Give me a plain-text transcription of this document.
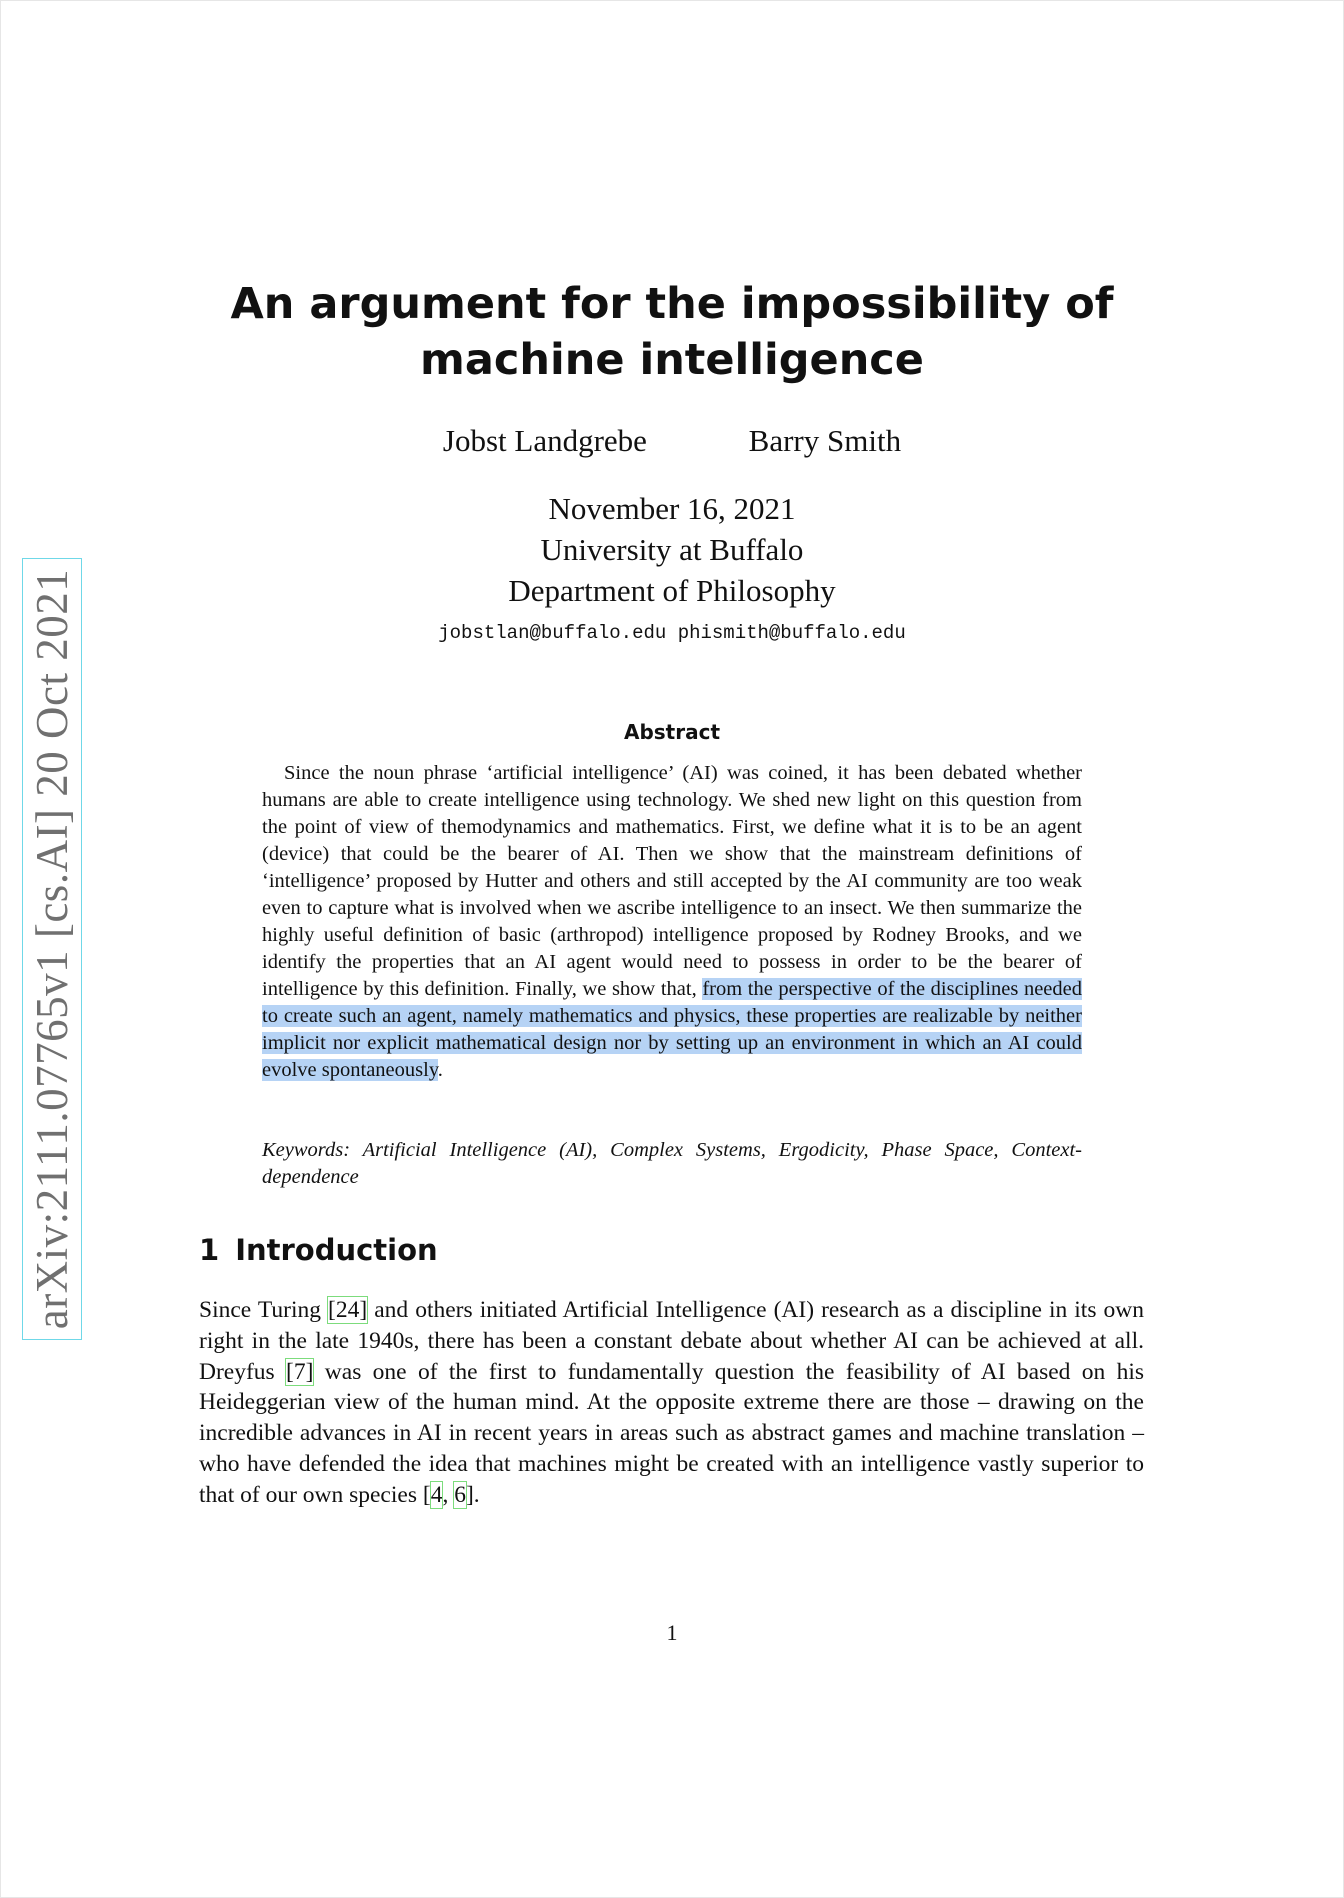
arXiv:2111.07765v1 [cs.AI] 20 Oct 2021
An argument for the impossibility of
machine intelligence
Jobst Landgrebe	Barry Smith
November 16, 2021
University at Buffalo
Department of Philosophy
jobstlan@buffalo.edu phismith@buffalo.edu
Abstract
Since the noun phrase ‘artificial intelligence’ (AI) was coined, it has been debated whether humans are able to create intelligence using technology. We shed new light on this question from the point of view of themodynamics and mathematics. First, we define what it is to be an agent (device) that could be the bearer of AI. Then we show that the mainstream definitions of ‘intelligence’ proposed by Hutter and others and still accepted by the AI community are too weak even to capture what is involved when we ascribe intelligence to an insect. We then summarize the highly useful definition of basic (arthropod) intelligence proposed by Rodney Brooks, and we identify the properties that an AI agent would need to possess in order to be the bearer of intelligence by this definition. Finally, we show that, from the perspective of the disciplines needed to create such an agent, namely mathematics and physics, these properties are realizable by neither implicit nor explicit mathematical design nor by setting up an environment in which an AI could evolve spontaneously.
Keywords: Artificial Intelligence (AI), Complex Systems, Ergodicity, Phase Space, Context-dependence
1 Introduction
Since Turing [24] and others initiated Artificial Intelligence (AI) research as a discipline in its own right in the late 1940s, there has been a constant debate about whether AI can be achieved at all. Dreyfus [7] was one of the first to fundamentally question the feasibility of AI based on his Heideggerian view of the human mind. At the opposite extreme there are those – drawing on the incredible advances in AI in recent years in areas such as abstract games and machine translation – who have defended the idea that machines might be created with an intelligence vastly superior to that of our own species [4, 6].
1
